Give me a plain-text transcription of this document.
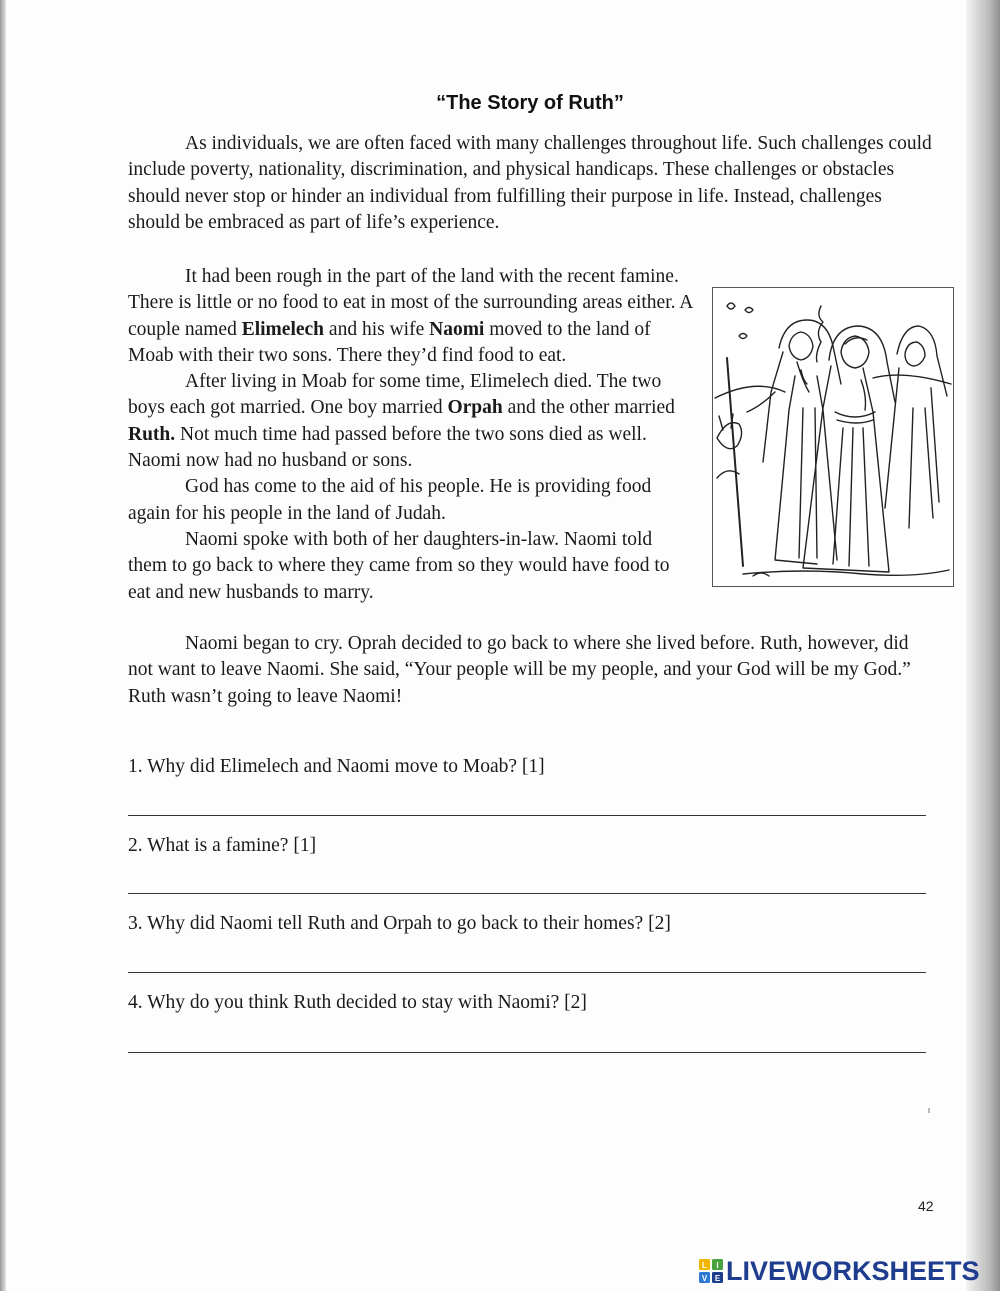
“The Story of Ruth”

As individuals, we are often faced with many challenges throughout life. Such challenges could include poverty, nationality, discrimination, and physical handicaps. These challenges or obstacles should never stop or hinder an individual from fulfilling their purpose in life. Instead, challenges should be embraced as part of life’s experience.

It had been rough in the part of the land with the recent famine. There is little or no food to eat in most of the surrounding areas either. A couple named Elimelech and his wife Naomi moved to the land of Moab with their two sons. There they’d find food to eat.

After living in Moab for some time, Elimelech died. The two boys each got married. One boy married Orpah and the other married Ruth. Not much time had passed before the two sons died as well. Naomi now had no husband or sons.

God has come to the aid of his people. He is providing food again for his people in the land of Judah.

Naomi spoke with both of her daughters-in-law. Naomi told them to go back to where they came from so they would have food to eat and new husbands to marry.

Naomi began to cry. Oprah decided to go back to where she lived before. Ruth, however, did not want to leave Naomi. She said, “Your people will be my people, and your God will be my God.” Ruth wasn’t going to leave Naomi!

1. Why did Elimelech and Naomi move to Moab? [1]
2. What is a famine? [1]
3. Why did Naomi tell Ruth and Orpah to go back to their homes? [2]
4. Why do you think Ruth decided to stay with Naomi? [2]
42
L I
V E LIVEWORKSHEETS
